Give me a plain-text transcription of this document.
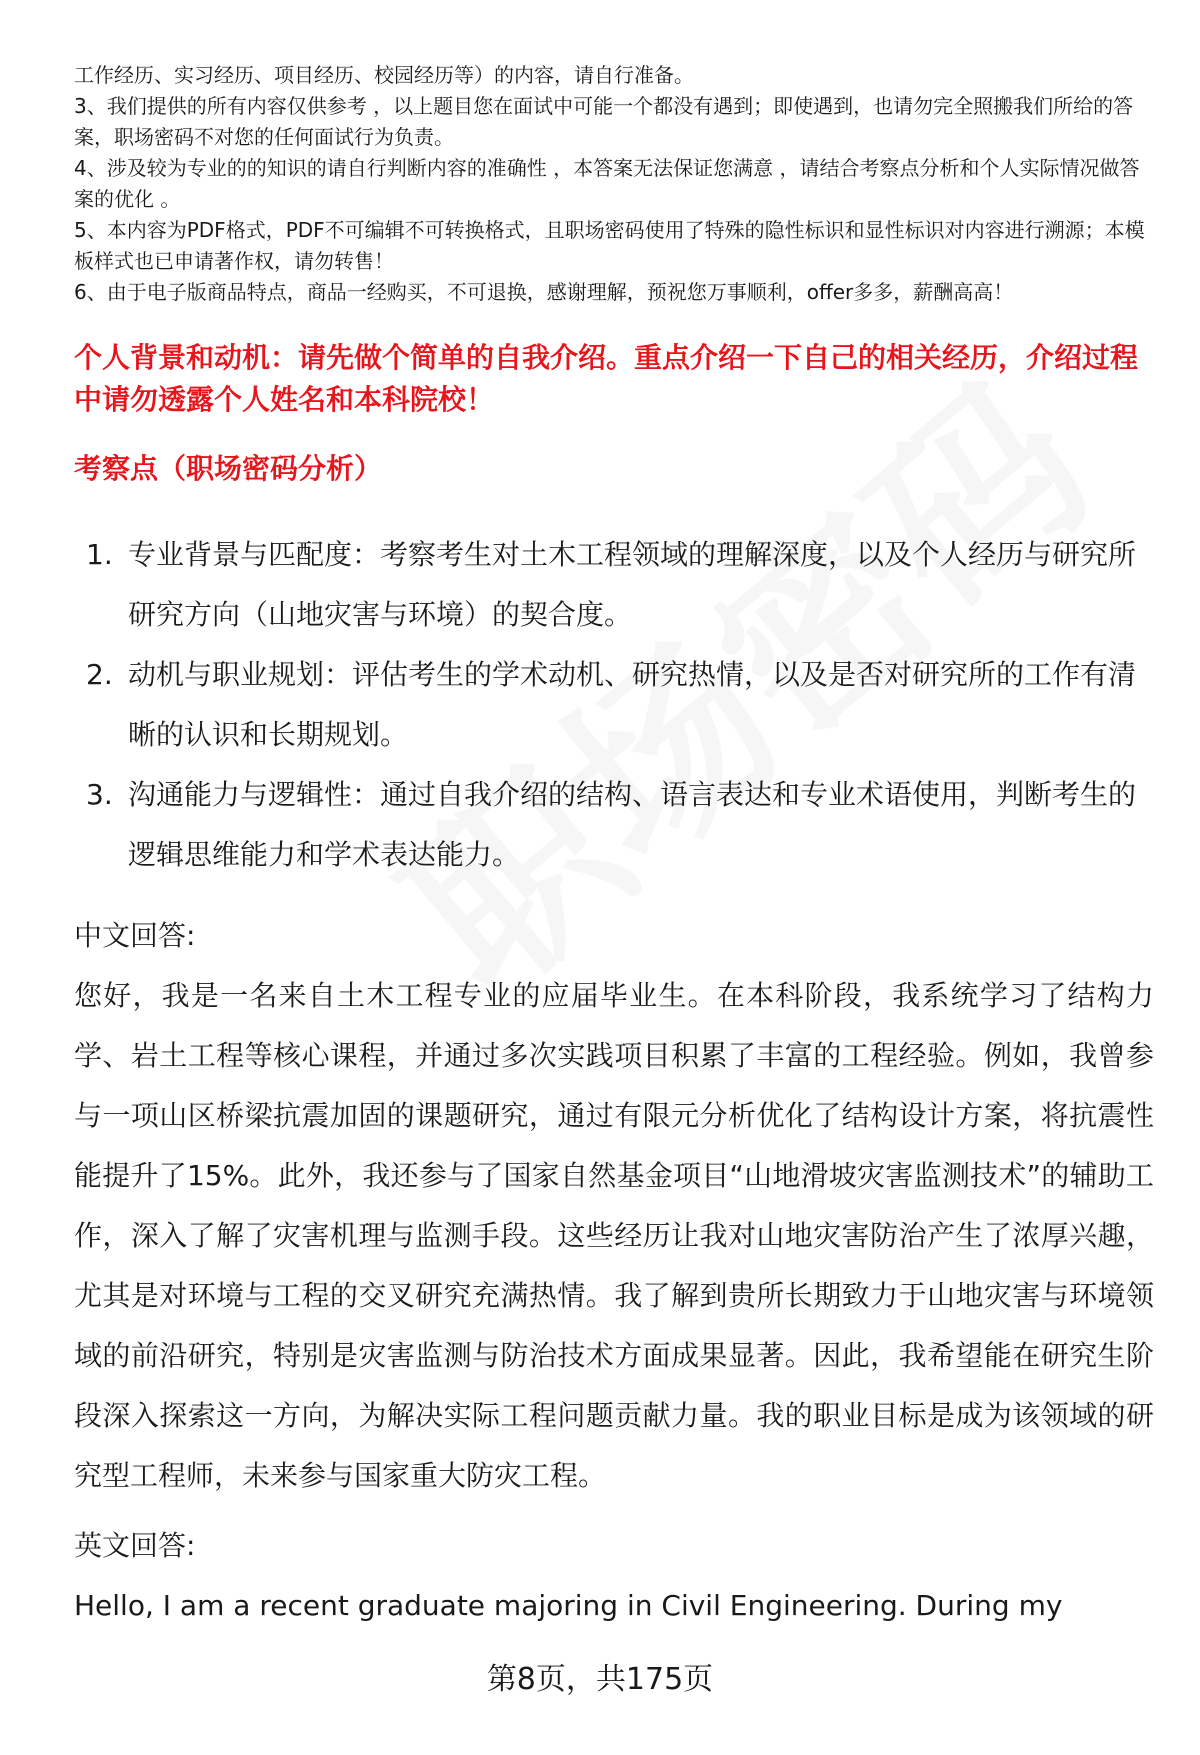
工作经历、实习经历、项目经历、校园经历等）的内容，请自行准备。

3、我们提供的所有内容仅供参考 ，以上题目您在面试中可能一个都没有遇到；即使遇到，也请勿完全照搬我们所给的答案，职场密码不对您的任何面试行为负责。

4、涉及较为专业的的知识的请自行判断内容的准确性 ，本答案无法保证您满意 ，请结合考察点分析和个人实际情况做答案的优化 。

5、本内容为PDF格式，PDF不可编辑不可转换格式，且职场密码使用了特殊的隐性标识和显性标识对内容进行溯源；本模板样式也已申请著作权，请勿转售！

6、由于电子版商品特点，商品一经购买，不可退换，感谢理解，预祝您万事顺利，offer多多，薪酬高高！

个人背景和动机：请先做个简单的自我介绍。重点介绍一下自己的相关经历，介绍过程中请勿透露个人姓名和本科院校！
考察点（职场密码分析）
1. 专业背景与匹配度：考察考生对土木工程领域的理解深度，以及个人经历与研究所研究方向（山地灾害与环境）的契合度。
2. 动机与职业规划：评估考生的学术动机、研究热情，以及是否对研究所的工作有清晰的认识和长期规划。
3. 沟通能力与逻辑性：通过自我介绍的结构、语言表达和专业术语使用，判断考生的逻辑思维能力和学术表达能力。

中文回答:

您好，我是一名来自土木工程专业的应届毕业生。在本科阶段，我系统学习了结构力学、岩土工程等核心课程，并通过多次实践项目积累了丰富的工程经验。例如，我曾参与一项山区桥梁抗震加固的课题研究，通过有限元分析优化了结构设计方案，将抗震性能提升了15%。此外，我还参与了国家自然基金项目“山地滑坡灾害监测技术”的辅助工作，深入了解了灾害机理与监测手段。这些经历让我对山地灾害防治产生了浓厚兴趣，尤其是对环境与工程的交叉研究充满热情。我了解到贵所长期致力于山地灾害与环境领域的前沿研究，特别是灾害监测与防治技术方面成果显著。因此，我希望能在研究生阶段深入探索这一方向，为解决实际工程问题贡献力量。我的职业目标是成为该领域的研究型工程师，未来参与国家重大防灾工程。

英文回答:

Hello, I am a recent graduate majoring in Civil Engineering. During my

第8页，共175页
